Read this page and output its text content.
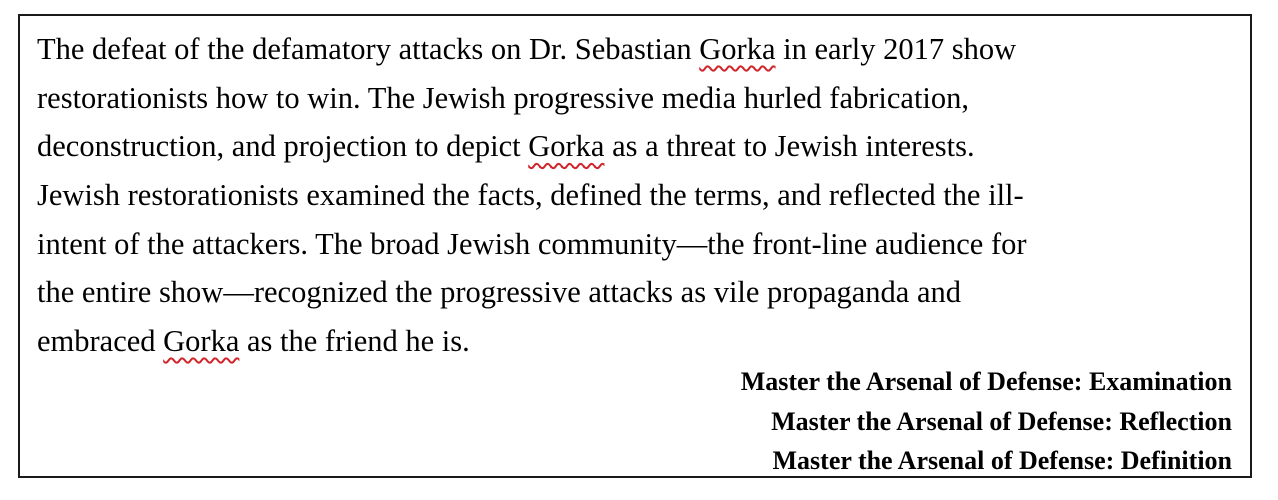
The defeat of the defamatory attacks on Dr. Sebastian Gorka in early 2017 show
restorationists how to win. The Jewish progressive media hurled fabrication,
deconstruction, and projection to depict Gorka as a threat to Jewish interests.
Jewish restorationists examined the facts, defined the terms, and reflected the ill-
intent of the attackers. The broad Jewish community—the front-line audience for
the entire show—recognized the progressive attacks as vile propaganda and
embraced Gorka as the friend he is.

Master the Arsenal of Defense: Examination
Master the Arsenal of Defense: Reflection
Master the Arsenal of Defense: Definition
